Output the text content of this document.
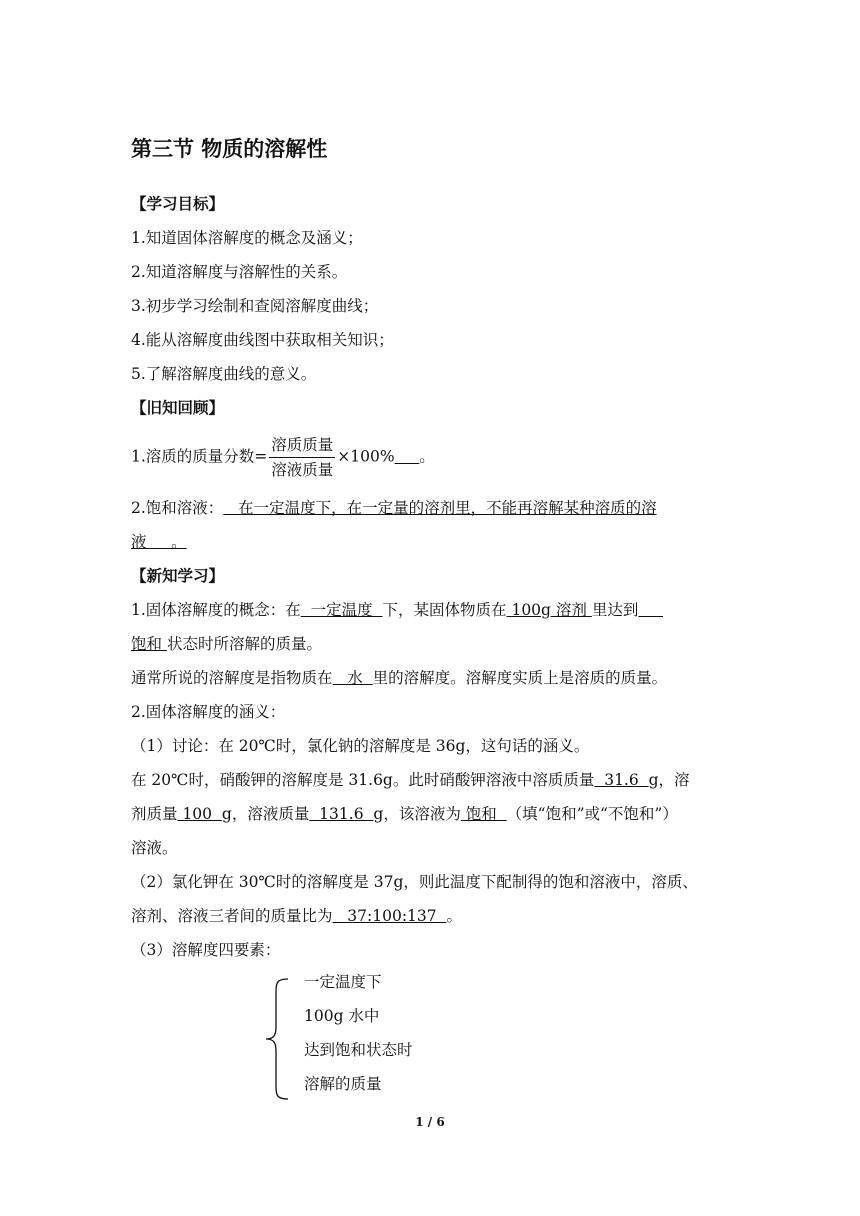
第三节 物质的溶解性
【学习目标】
1.知道固体溶解度的概念及涵义；
2.知道溶解度与溶解性的关系。
3.初步学习绘制和查阅溶解度曲线；
4.能从溶解度曲线图中获取相关知识；
5.了解溶解度曲线的意义。
【旧知回顾】
1.溶质的质量分数= $\frac{\text{溶质质量}}{\text{溶液质量}} \times 100\%$ 。
2.饱和溶液：   在一定温度下，在一定量的溶剂里，不能再溶解某种溶质的溶
液     。
【新知学习】
1.固体溶解度的概念：在  一定温度  下，某固体物质在 100g 溶剂 里达到
饱和 状态时所溶解的质量。
通常所说的溶解度是指物质在   水  里的溶解度。溶解度实质上是溶质的质量。
2.固体溶解度的涵义：
（1）讨论：在 20℃时，氯化钠的溶解度是 36g，这句话的涵义。
在 20℃时，硝酸钾的溶解度是 31.6g。此时硝酸钾溶液中溶质质量  31.6  g，溶
剂质量 100  g，溶液质量  131.6  g，该溶液为 饱和  （填“饱和”或“不饱和”）
溶液。
（2）氯化钾在 30℃时的溶解度是 37g，则此温度下配制得的饱和溶液中，溶质、
溶剂、溶液三者间的质量比为   37:100:137  。
（3）溶解度四要素：
一定温度下
100g 水中
达到饱和状态时
溶解的质量
1 / 6
